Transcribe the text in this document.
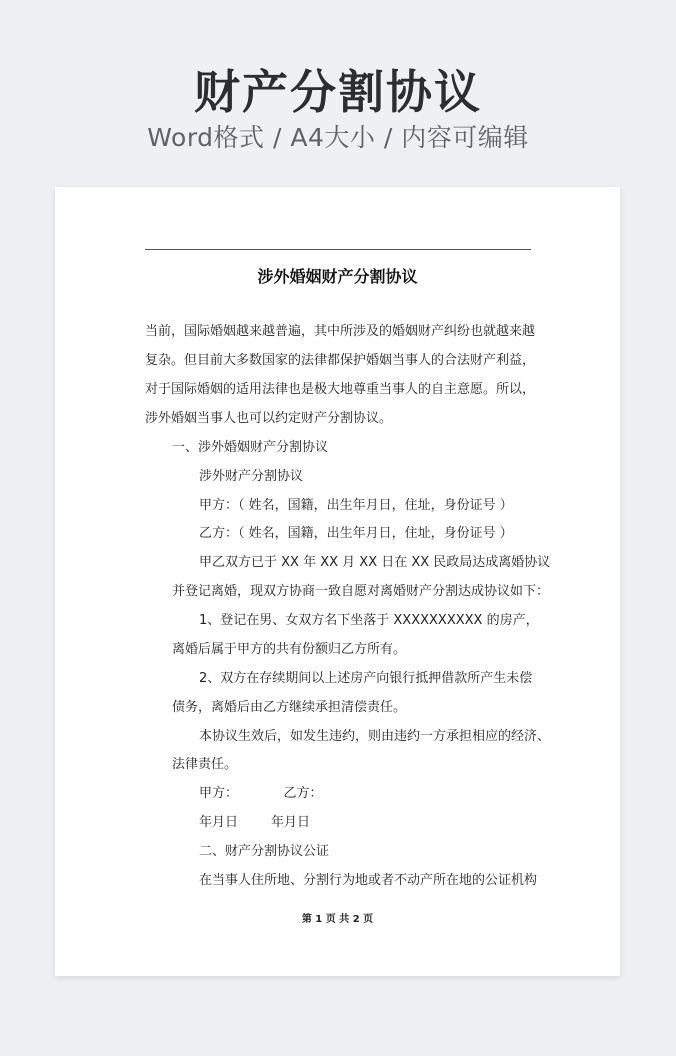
财产分割协议
Word格式 / A4大小 / 内容可编辑
涉外婚姻财产分割协议
当前，国际婚姻越来越普遍，其中所涉及的婚姻财产纠纷也就越来越
复杂。但目前大多数国家的法律都保护婚姻当事人的合法财产利益，
对于国际婚姻的适用法律也是极大地尊重当事人的自主意愿。所以，
涉外婚姻当事人也可以约定财产分割协议。
一、涉外婚姻财产分割协议
涉外财产分割协议
甲方：（ 姓名，国籍，出生年月日，住址，身份证号 ）
乙方：（ 姓名，国籍，出生年月日，住址，身份证号 ）
甲乙双方已于 XX 年 XX 月 XX 日在 XX 民政局达成离婚协议
并登记离婚，现双方协商一致自愿对离婚财产分割达成协议如下：
1、登记在男、女双方名下坐落于 XXXXXXXXXX 的房产，
离婚后属于甲方的共有份额归乙方所有。
2、双方在存续期间以上述房产向银行抵押借款所产生未偿
债务，离婚后由乙方继续承担清偿责任。
本协议生效后，如发生违约，则由违约一方承担相应的经济、
法律责任。
甲方：           乙方：
年月日        年月日
二、财产分割协议公证
在当事人住所地、分割行为地或者不动产所在地的公证机构
第 1 页 共 2 页
